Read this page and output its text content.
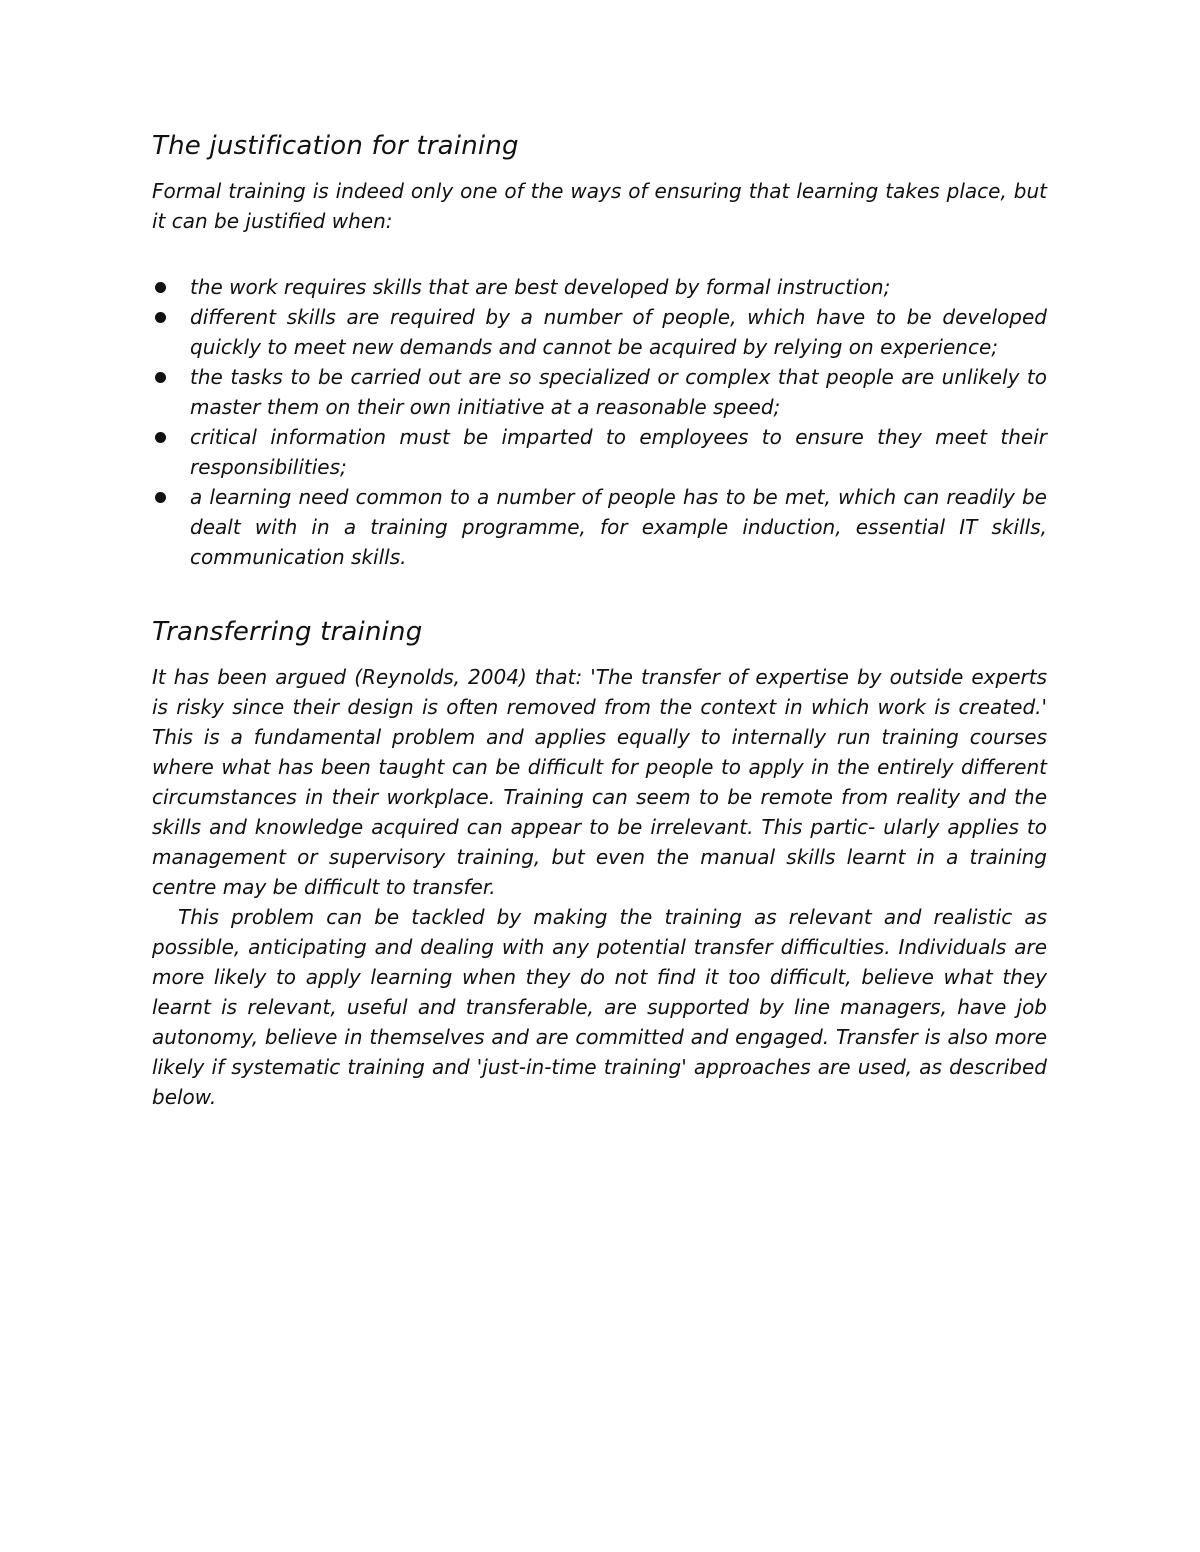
The justification for training

Formal training is indeed only one of the ways of ensuring that learning takes place, but it can be justified when:

the work requires skills that are best developed by formal instruction;
different skills are required by a number of people, which have to be developed quickly to meet new demands and cannot be acquired by relying on experience;
the tasks to be carried out are so specialized or complex that people are unlikely to master them on their own initiative at a reasonable speed;
critical information must be imparted to employees to ensure they meet their responsibilities;
a learning need common to a number of people has to be met, which can readily be dealt with in a training programme, for example induction, essential IT skills, communication skills.
Transferring training

It has been argued (Reynolds, 2004) that: 'The transfer of expertise by outside experts is risky since their design is often removed from the context in which work is created.' This is a fundamental problem and applies equally to internally run training courses where what has been taught can be difficult for people to apply in the entirely different circumstances in their workplace. Training can seem to be remote from reality and the skills and knowledge acquired can appear to be irrelevant. This partic- ularly applies to management or supervisory training, but even the manual skills learnt in a training centre may be difficult to transfer.

This problem can be tackled by making the training as relevant and realistic as possible, anticipating and dealing with any potential transfer difficulties. Individuals are more likely to apply learning when they do not find it too difficult, believe what they learnt is relevant, useful and transferable, are supported by line managers, have job autonomy, believe in themselves and are committed and engaged. Transfer is also more likely if systematic training and 'just-in-time training' approaches are used, as described below.
